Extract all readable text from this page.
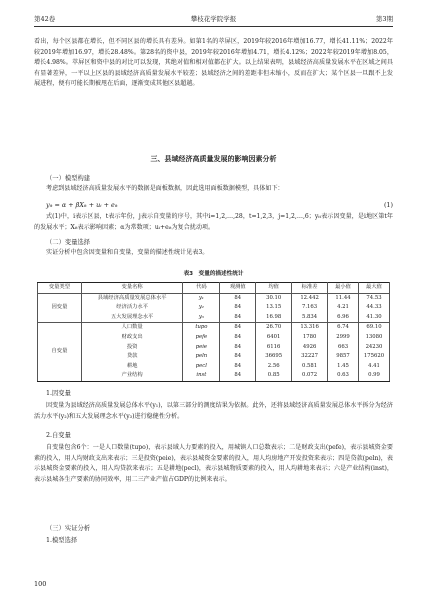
第42卷	攀枝花学院学报	第3期

看出，每个区县都在增长，但不同区县的增长具有差异。如第1名的萃屏区，2019年较2016年增加16.77，增长41.11%；2022年较2019年增加16.97，增长28.48%。第28名的资中县，2019年较2016年增加4.71，增长4.12%；2022年较2019年增加8.05，增长4.98%。萃屏区和资中县的对比可以发现，其绝对值和相对值都在扩大。以上结果表明，县域经济高质量发展水平在区域之间具有显著差异，一平以上区县的县域经济高质量发展水平较差；县域经济之间的差距非但未缩小，反而在扩大；某个区县一旦跟不上发展进程，便有可能长期被甩在后面，逐渐变成其他区县超越。

三、县域经济高质量发展的影响因素分析
（一）模型构建

考虑到县域经济高质量发展水平的数据是面板数据，因此选用面板数据模型，具体如下：

yᵢₜ = α + βXᵢₜ + uᵢ + eᵢₜ	(1)

式(1)中，i表示区县，t表示年份，j表示自变量的序号，其中i=1,2,…,28，t=1,2,3，j=1,2,…,6；yᵢₜ表示因变量，是i地区第t年的发展水平；Xᵢₜ表示影响因素；α为常数项；uᵢ+eᵢₜ为复合扰动项。

（二）变量选择

实证分析中包含因变量和自变量，变量的描述性统计见表3。

表3　变量的描述性统计
变量类型	变量名称	代码	观测值	均值	标准差	最小值	最大值
因变量	县域经济高质量发展总体水平	y₁	84	30.10	12.442	11.44	74.53
	经济活力水平	y₂	84	13.15	7.163	4.21	44.33
	五大发展理念水平	y₃	84	16.98	5.834	6.96	41.30
自变量	人口数量	tupo	84	26.70	13.316	6.74	69.10
	财政支出	pefe	84	6401	1780	2999	13080
	投资	peie	84	6116	4926	663	24230
	贷款	peln	84	36695	32227	9857	175620
	耕地	pecl	84	2.56	0.581	1.45	4.41
	产业结构	inst	84	0.85	0.072	0.63	0.99
1.因变量

因变量为县域经济高质量发展总体水平(y₁)，以第三部分的测度结果为依据。此外，还将县域经济高质量发展总体水平拆分为经济活力水平(y₂)和五大发展理念水平(y₃)进行稳健性分析。

2.自变量

自变量包含6个：一是人口数量(tupo)，表示县域人力要素的投入，用城镇人口总数表示；二是财政支出(pefe)，表示县城资金要素的投入，用人均财政支出来表示；三是投资(peie)，表示县城资金要素的投入，用人均房地产开发投资来表示；四是贷款(peln)，表示县城资金要素的投入，用人均贷款来表示；五是耕地(pecl)，表示县城物质要素的投入，用人均耕地来表示；六是产业结构(inst)，表示县城各生产要素的协同效率，用二三产业产值占GDP的比例来表示。

（三）实证分析
1.模型选择
100
